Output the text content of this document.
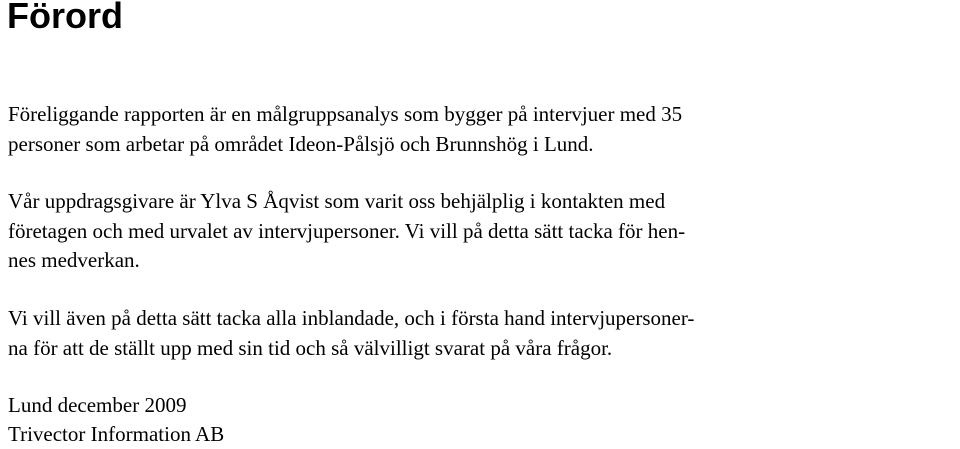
Förord

Föreliggande rapporten är en målgruppsanalys som bygger på intervjuer med 35

personer som arbetar på området Ideon-Pålsjö och Brunnshög i Lund.

Vår uppdragsgivare är Ylva S Åqvist som varit oss behjälplig i kontakten med

företagen och med urvalet av intervjupersoner. Vi vill på detta sätt tacka för hen-

nes medverkan.

Vi vill även på detta sätt tacka alla inblandade, och i första hand intervjupersoner-

na för att de ställt upp med sin tid och så välvilligt svarat på våra frågor.

Lund december 2009

Trivector Information AB
